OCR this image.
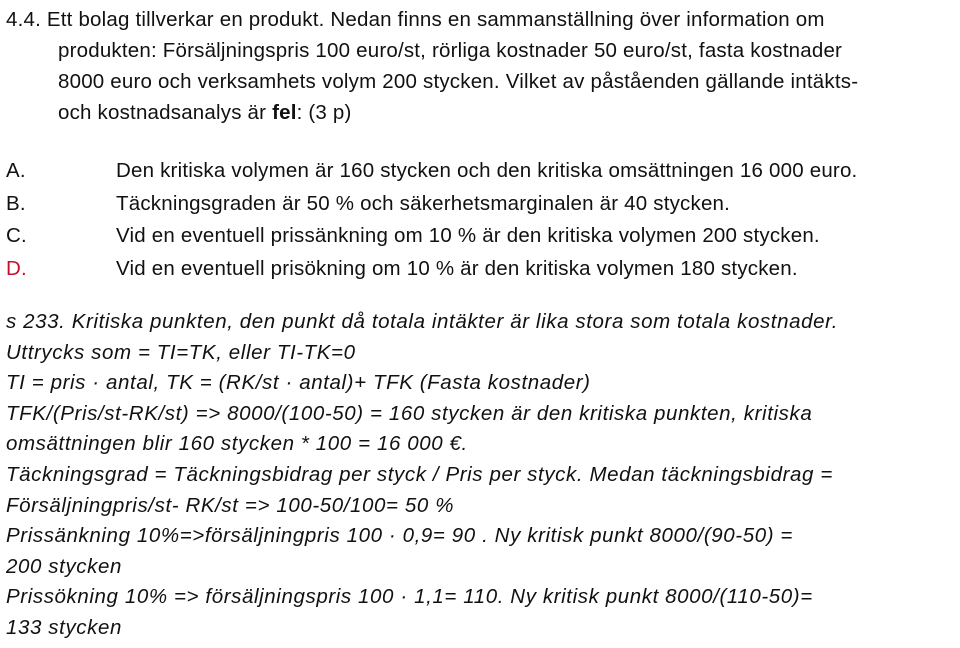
4.4. Ett bolag tillverkar en produkt. Nedan finns en sammanställning över information om
produkten: Försäljningspris 100 euro/st, rörliga kostnader 50 euro/st, fasta kostnader
8000 euro och verksamhets volym 200 stycken. Vilket av påståenden gällande intäkts-
och kostnadsanalys är fel: (3 p)
A.	Den kritiska volymen är 160 stycken och den kritiska omsättningen 16 000 euro.
B.	Täckningsgraden är 50 % och säkerhetsmarginalen är 40 stycken.
C.	Vid en eventuell prissänkning om 10 % är den kritiska volymen 200 stycken.
D.	Vid en eventuell prisökning om 10 % är den kritiska volymen 180 stycken.
s 233. Kritiska punkten, den punkt då totala intäkter är lika stora som totala kostnader.
Uttrycks som = TI=TK, eller TI-TK=0
TI = pris · antal, TK = (RK/st · antal)+ TFK (Fasta kostnader)
TFK/(Pris/st-RK/st) => 8000/(100-50) = 160 stycken är den kritiska punkten, kritiska
omsättningen blir 160 stycken * 100 = 16 000 €.
Täckningsgrad = Täckningsbidrag per styck / Pris per styck. Medan täckningsbidrag =
Försäljningpris/st- RK/st => 100-50/100= 50 %
Prissänkning 10%=>försäljningpris 100 · 0,9= 90 . Ny kritisk punkt 8000/(90-50) =
200 stycken
Prissökning 10% => försäljningspris 100 · 1,1= 110. Ny kritisk punkt 8000/(110-50)=
133 stycken
